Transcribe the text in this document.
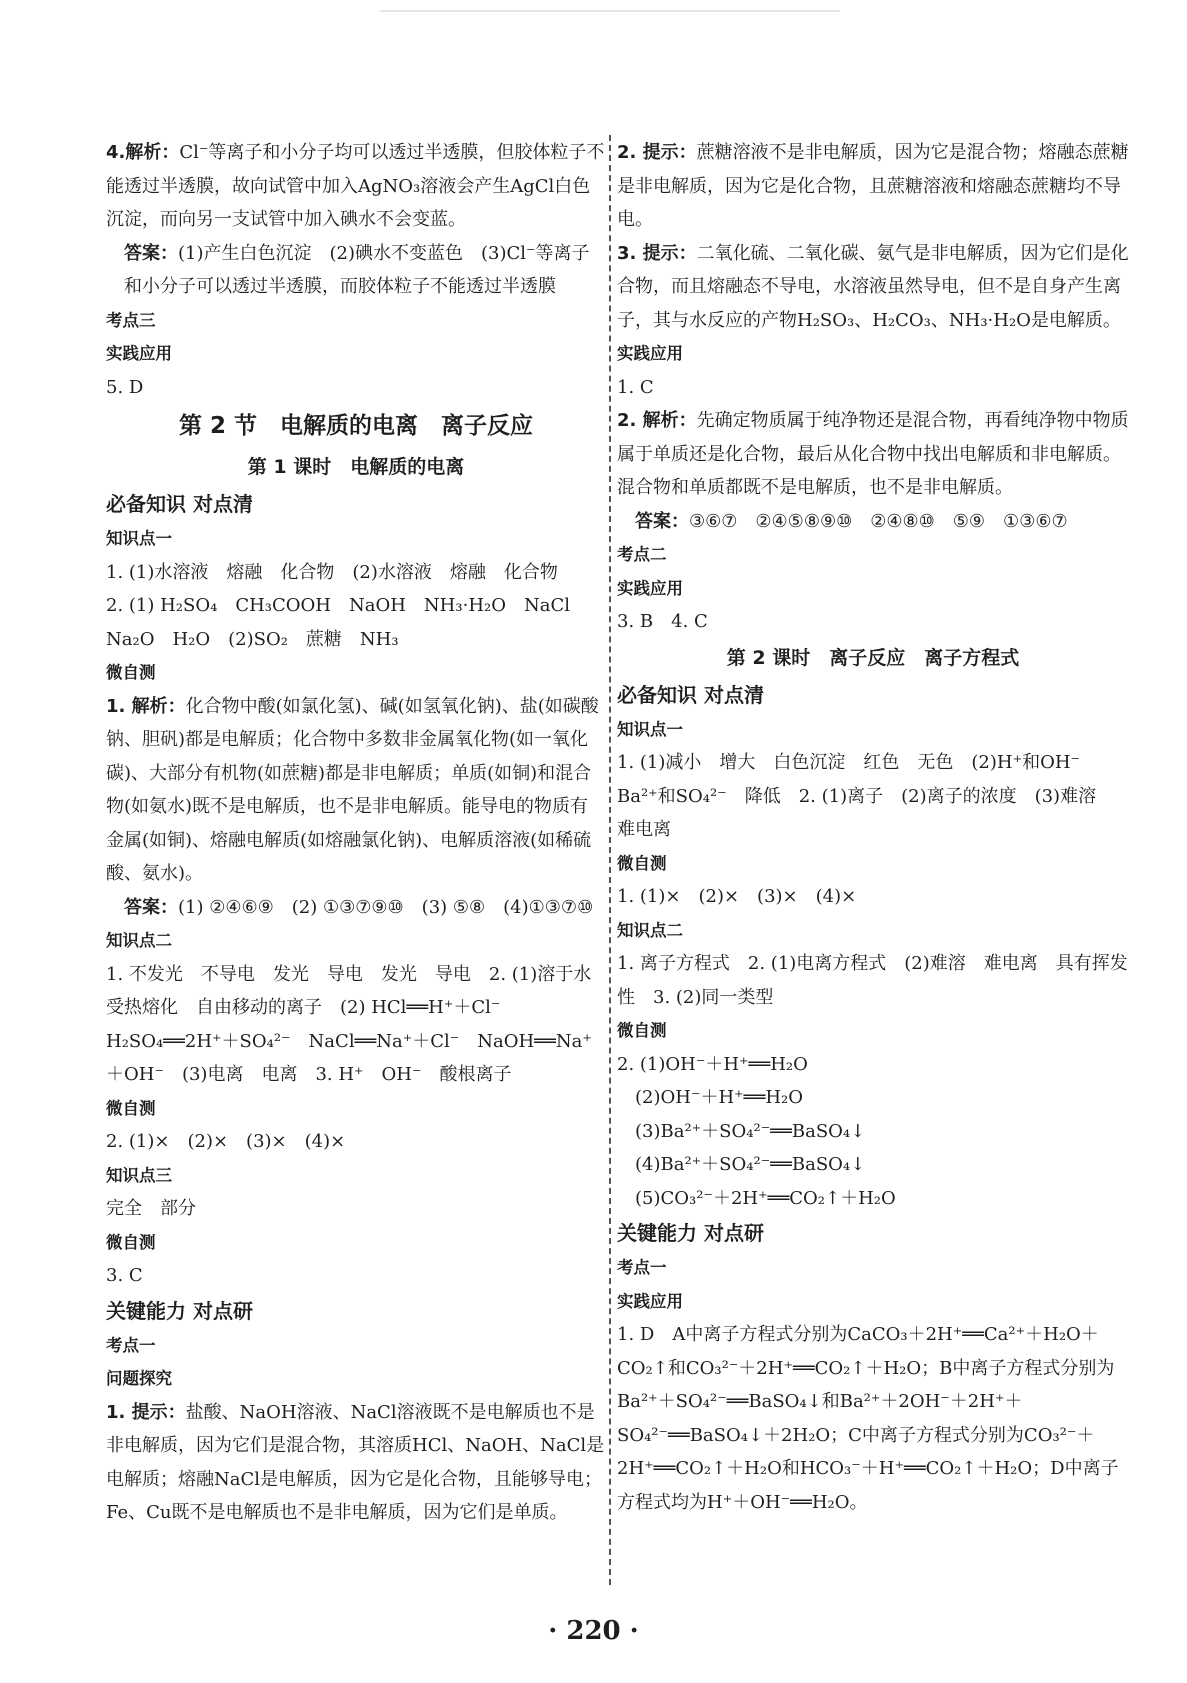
4.解析：Cl⁻等离子和小分子均可以透过半透膜，但胶体粒子不能透过半透膜，故向试管中加入AgNO₃溶液会产生AgCl白色沉淀，而向另一支试管中加入碘水不会变蓝。

答案：(1)产生白色沉淀　(2)碘水不变蓝色　(3)Cl⁻等离子和小分子可以透过半透膜，而胶体粒子不能透过半透膜

考点三

实践应用

5. D

第 2 节　电解质的电离　离子反应

第 1 课时　电解质的电离

必备知识 对点清

知识点一

1. (1)水溶液　熔融　化合物　(2)水溶液　熔融　化合物

2. (1) H₂SO₄　CH₃COOH　NaOH　NH₃·H₂O　NaCl　Na₂O　H₂O　(2)SO₂　蔗糖　NH₃

微自测

1. 解析：化合物中酸(如氯化氢)、碱(如氢氧化钠)、盐(如碳酸钠、胆矾)都是电解质；化合物中多数非金属氧化物(如一氧化碳)、大部分有机物(如蔗糖)都是非电解质；单质(如铜)和混合物(如氨水)既不是电解质，也不是非电解质。能导电的物质有金属(如铜)、熔融电解质(如熔融氯化钠)、电解质溶液(如稀硫酸、氨水)。

答案：(1) ②④⑥⑨　(2) ①③⑦⑨⑩　(3) ⑤⑧　(4)①③⑦⑩

知识点二

1. 不发光　不导电　发光　导电　发光　导电　2. (1)溶于水　受热熔化　自由移动的离子　(2) HCl══H⁺＋Cl⁻　H₂SO₄══2H⁺＋SO₄²⁻　NaCl══Na⁺＋Cl⁻　NaOH══Na⁺＋OH⁻　(3)电离　电离　3. H⁺　OH⁻　酸根离子

微自测

2. (1)×　(2)×　(3)×　(4)×

知识点三

完全　部分

微自测

3. C

关键能力 对点研

考点一

问题探究

1. 提示：盐酸、NaOH溶液、NaCl溶液既不是电解质也不是非电解质，因为它们是混合物，其溶质HCl、NaOH、NaCl是电解质；熔融NaCl是电解质，因为它是化合物，且能够导电；Fe、Cu既不是电解质也不是非电解质，因为它们是单质。

2. 提示：蔗糖溶液不是非电解质，因为它是混合物；熔融态蔗糖是非电解质，因为它是化合物，且蔗糖溶液和熔融态蔗糖均不导电。

3. 提示：二氧化硫、二氧化碳、氨气是非电解质，因为它们是化合物，而且熔融态不导电，水溶液虽然导电，但不是自身产生离子，其与水反应的产物H₂SO₃、H₂CO₃、NH₃·H₂O是电解质。

实践应用

1. C

2. 解析：先确定物质属于纯净物还是混合物，再看纯净物中物质属于单质还是化合物，最后从化合物中找出电解质和非电解质。混合物和单质都既不是电解质，也不是非电解质。

答案：③⑥⑦　②④⑤⑧⑨⑩　②④⑧⑩　⑤⑨　①③⑥⑦

考点二

实践应用

3. B　4. C

第 2 课时　离子反应　离子方程式

必备知识 对点清

知识点一

1. (1)减小　增大　白色沉淀　红色　无色　(2)H⁺和OH⁻　Ba²⁺和SO₄²⁻　降低　2. (1)离子　(2)离子的浓度　(3)难溶　难电离

微自测

1. (1)×　(2)×　(3)×　(4)×

知识点二

1. 离子方程式　2. (1)电离方程式　(2)难溶　难电离　具有挥发性　3. (2)同一类型

微自测

2. (1)OH⁻＋H⁺══H₂O

(2)OH⁻＋H⁺══H₂O

(3)Ba²⁺＋SO₄²⁻══BaSO₄↓

(4)Ba²⁺＋SO₄²⁻══BaSO₄↓

(5)CO₃²⁻＋2H⁺══CO₂↑＋H₂O

关键能力 对点研

考点一

实践应用

1. D　A中离子方程式分别为CaCO₃＋2H⁺══Ca²⁺＋H₂O＋CO₂↑和CO₃²⁻＋2H⁺══CO₂↑＋H₂O；B中离子方程式分别为Ba²⁺＋SO₄²⁻══BaSO₄↓和Ba²⁺＋2OH⁻＋2H⁺＋SO₄²⁻══BaSO₄↓＋2H₂O；C中离子方程式分别为CO₃²⁻＋2H⁺══CO₂↑＋H₂O和HCO₃⁻＋H⁺══CO₂↑＋H₂O；D中离子方程式均为H⁺＋OH⁻══H₂O。

· 220 ·
